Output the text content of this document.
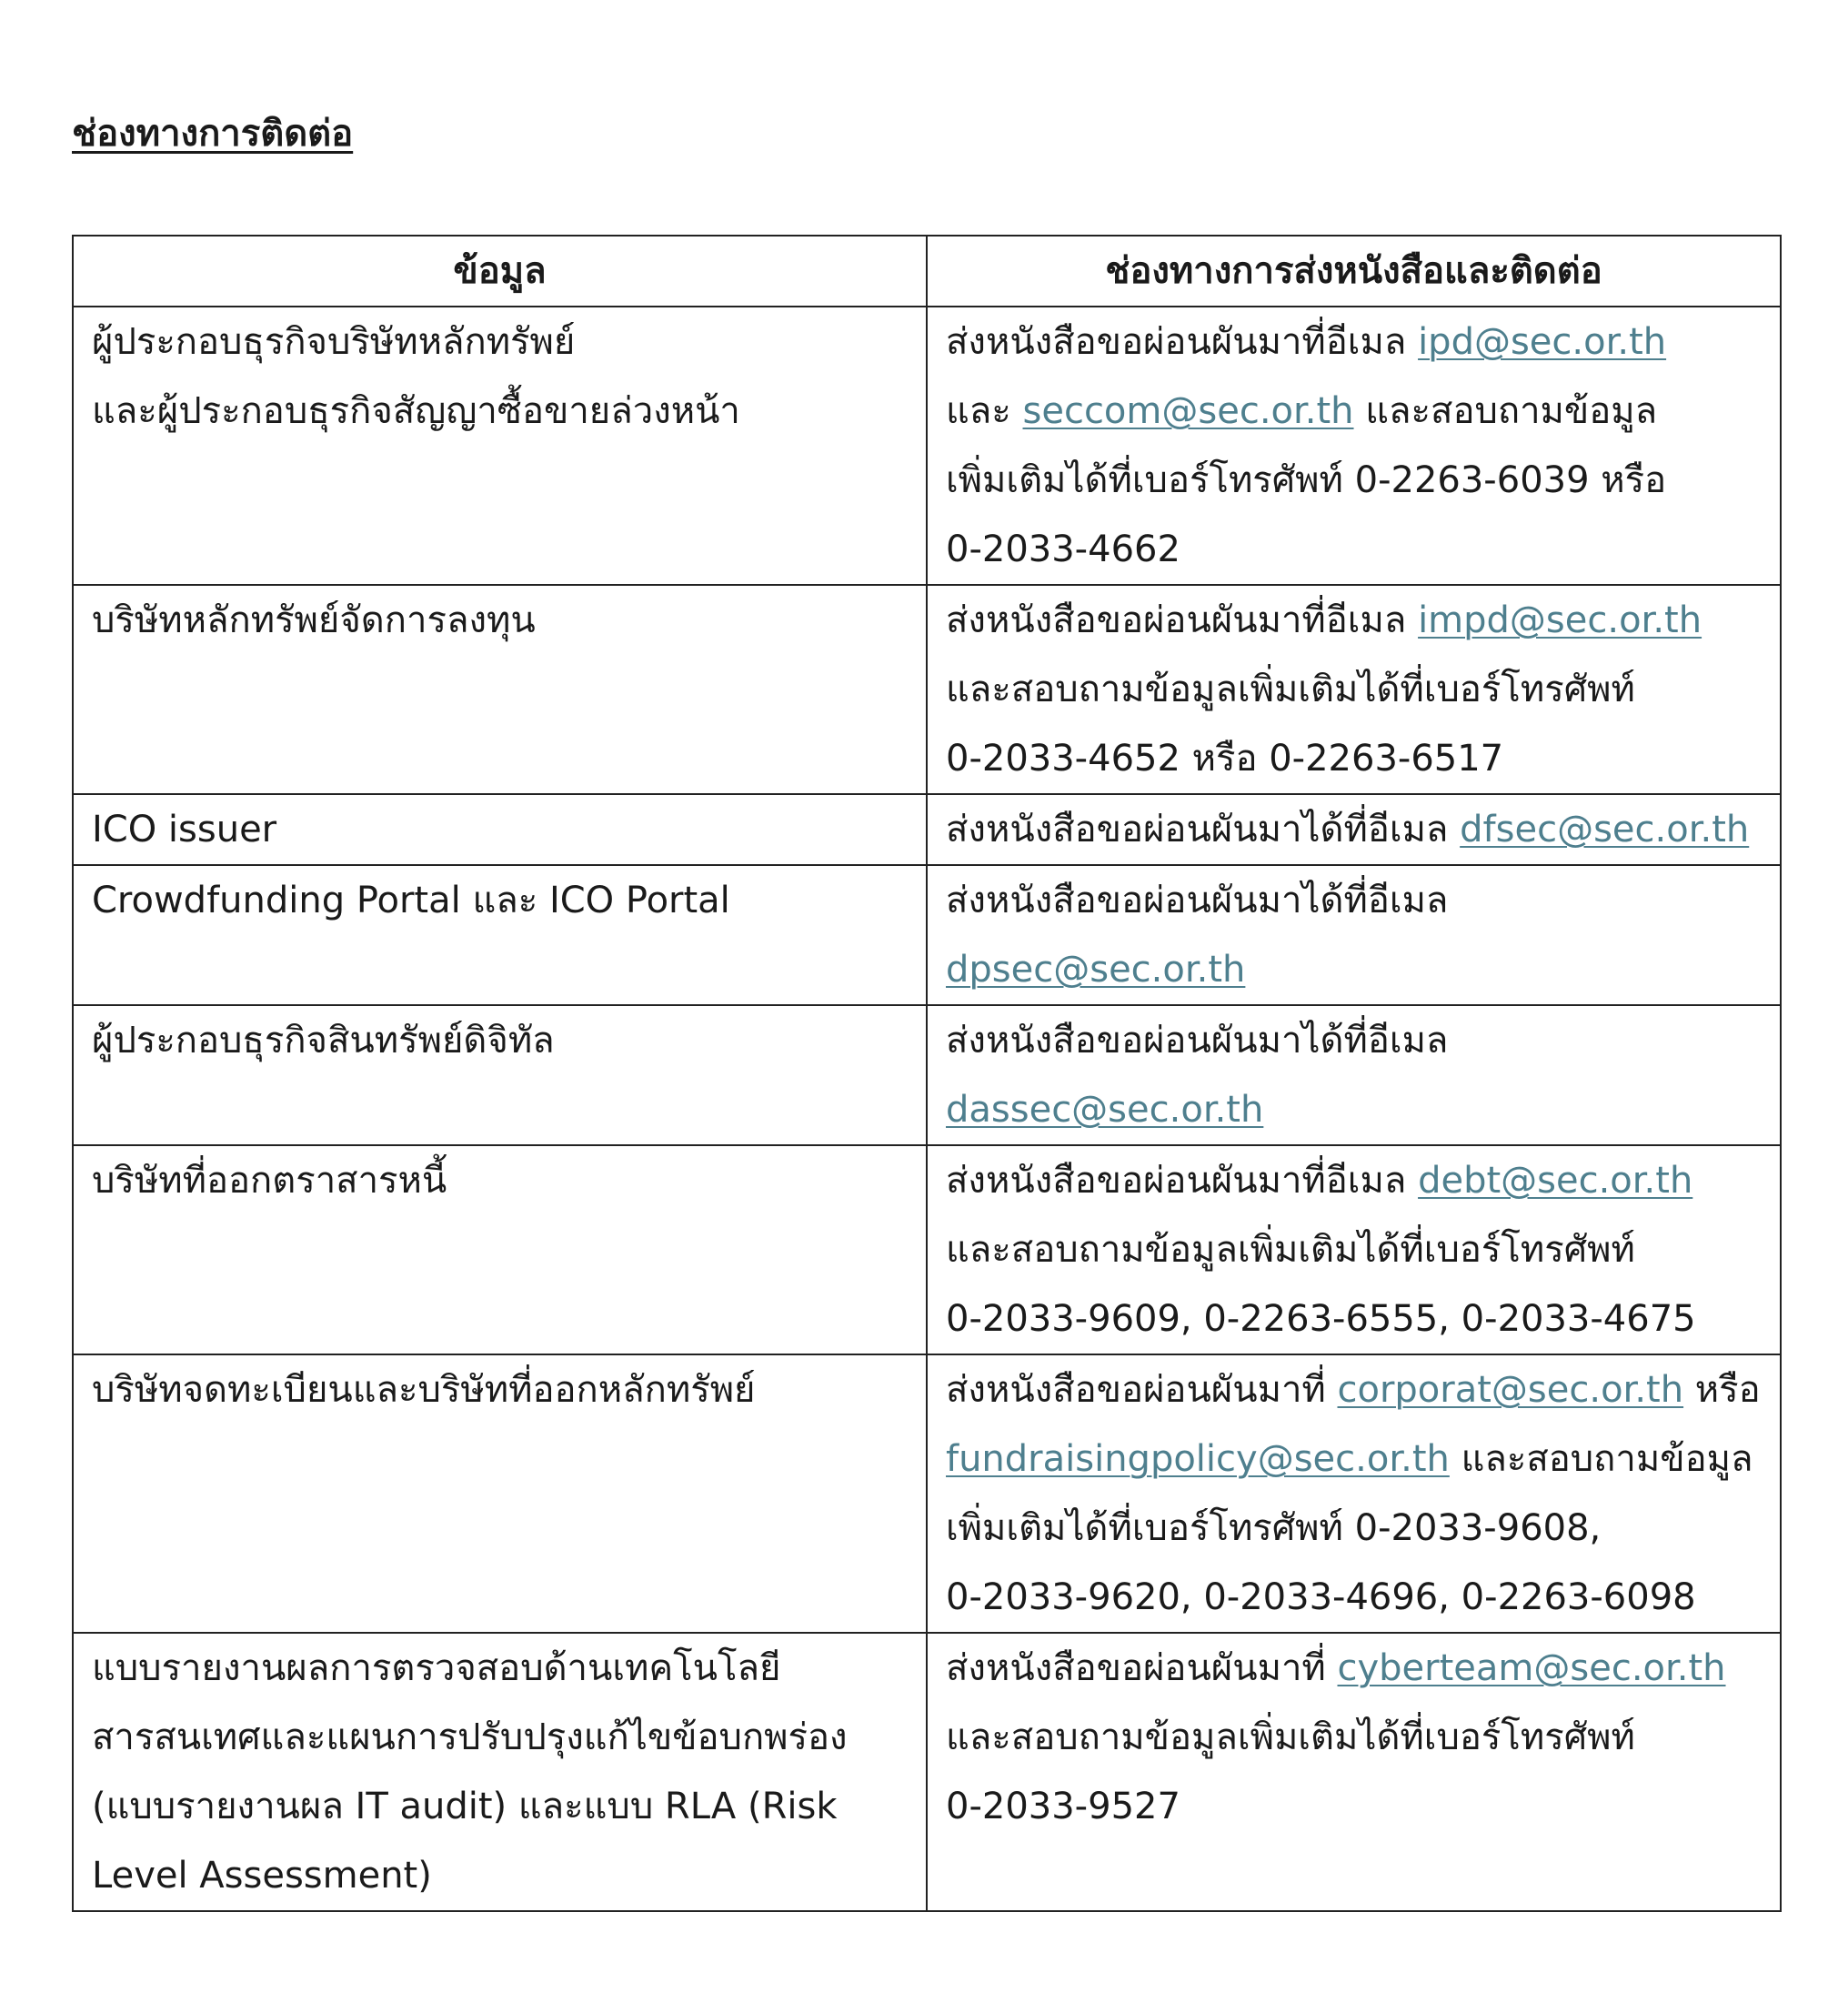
ช่องทางการติดต่อ
ข้อมูล	ช่องทางการส่งหนังสือและติดต่อ

ผู้ประกอบธุรกิจบริษัทหลักทรัพย์
และผู้ประกอบธุรกิจสัญญาซื้อขายล่วงหน้า	ส่งหนังสือขอผ่อนผันมาที่อีเมล ipd@sec.or.th
และ seccom@sec.or.th และสอบถามข้อมูล
เพิ่มเติมได้ที่เบอร์โทรศัพท์ 0-2263-6039 หรือ
0-2033-4662

บริษัทหลักทรัพย์จัดการลงทุน	ส่งหนังสือขอผ่อนผันมาที่อีเมล impd@sec.or.th
และสอบถามข้อมูลเพิ่มเติมได้ที่เบอร์โทรศัพท์
0-2033-4652 หรือ 0-2263-6517

ICO issuer	ส่งหนังสือขอผ่อนผันมาได้ที่อีเมล dfsec@sec.or.th

Crowdfunding Portal และ ICO Portal	ส่งหนังสือขอผ่อนผันมาได้ที่อีเมล
dpsec@sec.or.th

ผู้ประกอบธุรกิจสินทรัพย์ดิจิทัล	ส่งหนังสือขอผ่อนผันมาได้ที่อีเมล
dassec@sec.or.th

บริษัทที่ออกตราสารหนี้	ส่งหนังสือขอผ่อนผันมาที่อีเมล debt@sec.or.th
และสอบถามข้อมูลเพิ่มเติมได้ที่เบอร์โทรศัพท์
0-2033-9609, 0-2263-6555, 0-2033-4675

บริษัทจดทะเบียนและบริษัทที่ออกหลักทรัพย์	ส่งหนังสือขอผ่อนผันมาที่ corporat@sec.or.th หรือ
fundraisingpolicy@sec.or.th และสอบถามข้อมูล
เพิ่มเติมได้ที่เบอร์โทรศัพท์ 0-2033-9608,
0-2033-9620, 0-2033-4696, 0-2263-6098

แบบรายงานผลการตรวจสอบด้านเทคโนโลยี
สารสนเทศและแผนการปรับปรุงแก้ไขข้อบกพร่อง
(แบบรายงานผล IT audit) และแบบ RLA (Risk
Level Assessment)	ส่งหนังสือขอผ่อนผันมาที่ cyberteam@sec.or.th
และสอบถามข้อมูลเพิ่มเติมได้ที่เบอร์โทรศัพท์
0-2033-9527
